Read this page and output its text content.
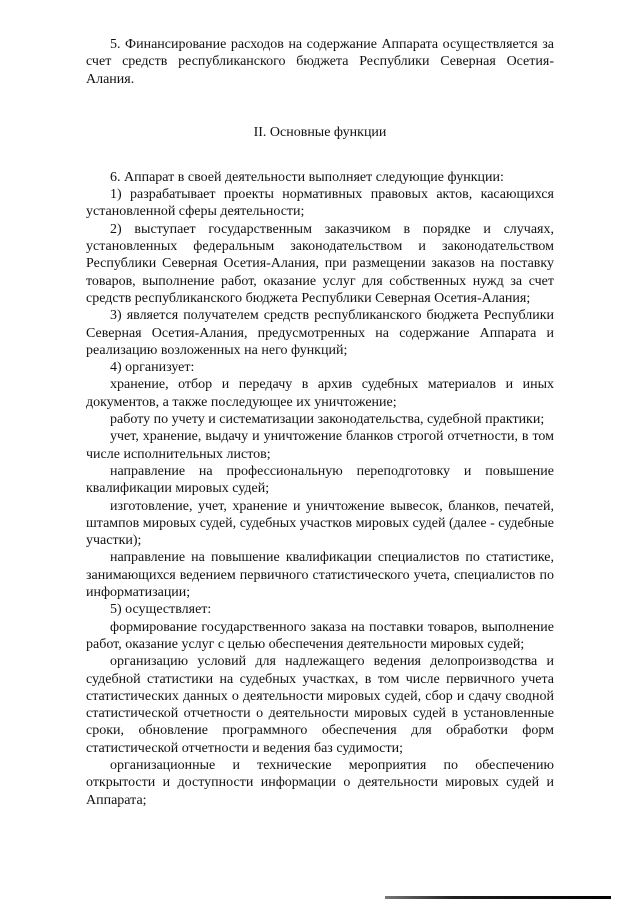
5. Финансирование расходов на содержание Аппарата осуществляется за счет средств республиканского бюджета Республики Северная Осетия-Алания.

II. Основные функции

6. Аппарат в своей деятельности выполняет следующие функции:

1) разрабатывает проекты нормативных правовых актов, касающихся установленной сферы деятельности;

2) выступает государственным заказчиком в порядке и случаях, установленных федеральным законодательством и законодательством Республики Северная Осетия-Алания, при размещении заказов на поставку товаров, выполнение работ, оказание услуг для собственных нужд за счет средств республиканского бюджета Республики Северная Осетия-Алания;

3) является получателем средств республиканского бюджета Республики Северная Осетия-Алания, предусмотренных на содержание Аппарата и реализацию возложенных на него функций;

4) организует:

хранение, отбор и передачу в архив судебных материалов и иных документов, а также последующее их уничтожение;

работу по учету и систематизации законодательства, судебной практики;

учет, хранение, выдачу и уничтожение бланков строгой отчетности, в том числе исполнительных листов;

направление на профессиональную переподготовку и повышение квалификации мировых судей;

изготовление, учет, хранение и уничтожение вывесок, бланков, печатей, штампов мировых судей, судебных участков мировых судей (далее - судебные участки);

направление на повышение квалификации специалистов по статистике, занимающихся ведением первичного статистического учета, специалистов по информатизации;

5) осуществляет:

формирование государственного заказа на поставки товаров, выполнение работ, оказание услуг с целью обеспечения деятельности мировых судей;

организацию условий для надлежащего ведения делопроизводства и судебной статистики на судебных участках, в том числе первичного учета статистических данных о деятельности мировых судей, сбор и сдачу сводной статистической отчетности о деятельности мировых судей в установленные сроки, обновление программного обеспечения для обработки форм статистической отчетности и ведения баз судимости;

организационные и технические мероприятия по обеспечению открытости и доступности информации о деятельности мировых судей и Аппарата;
